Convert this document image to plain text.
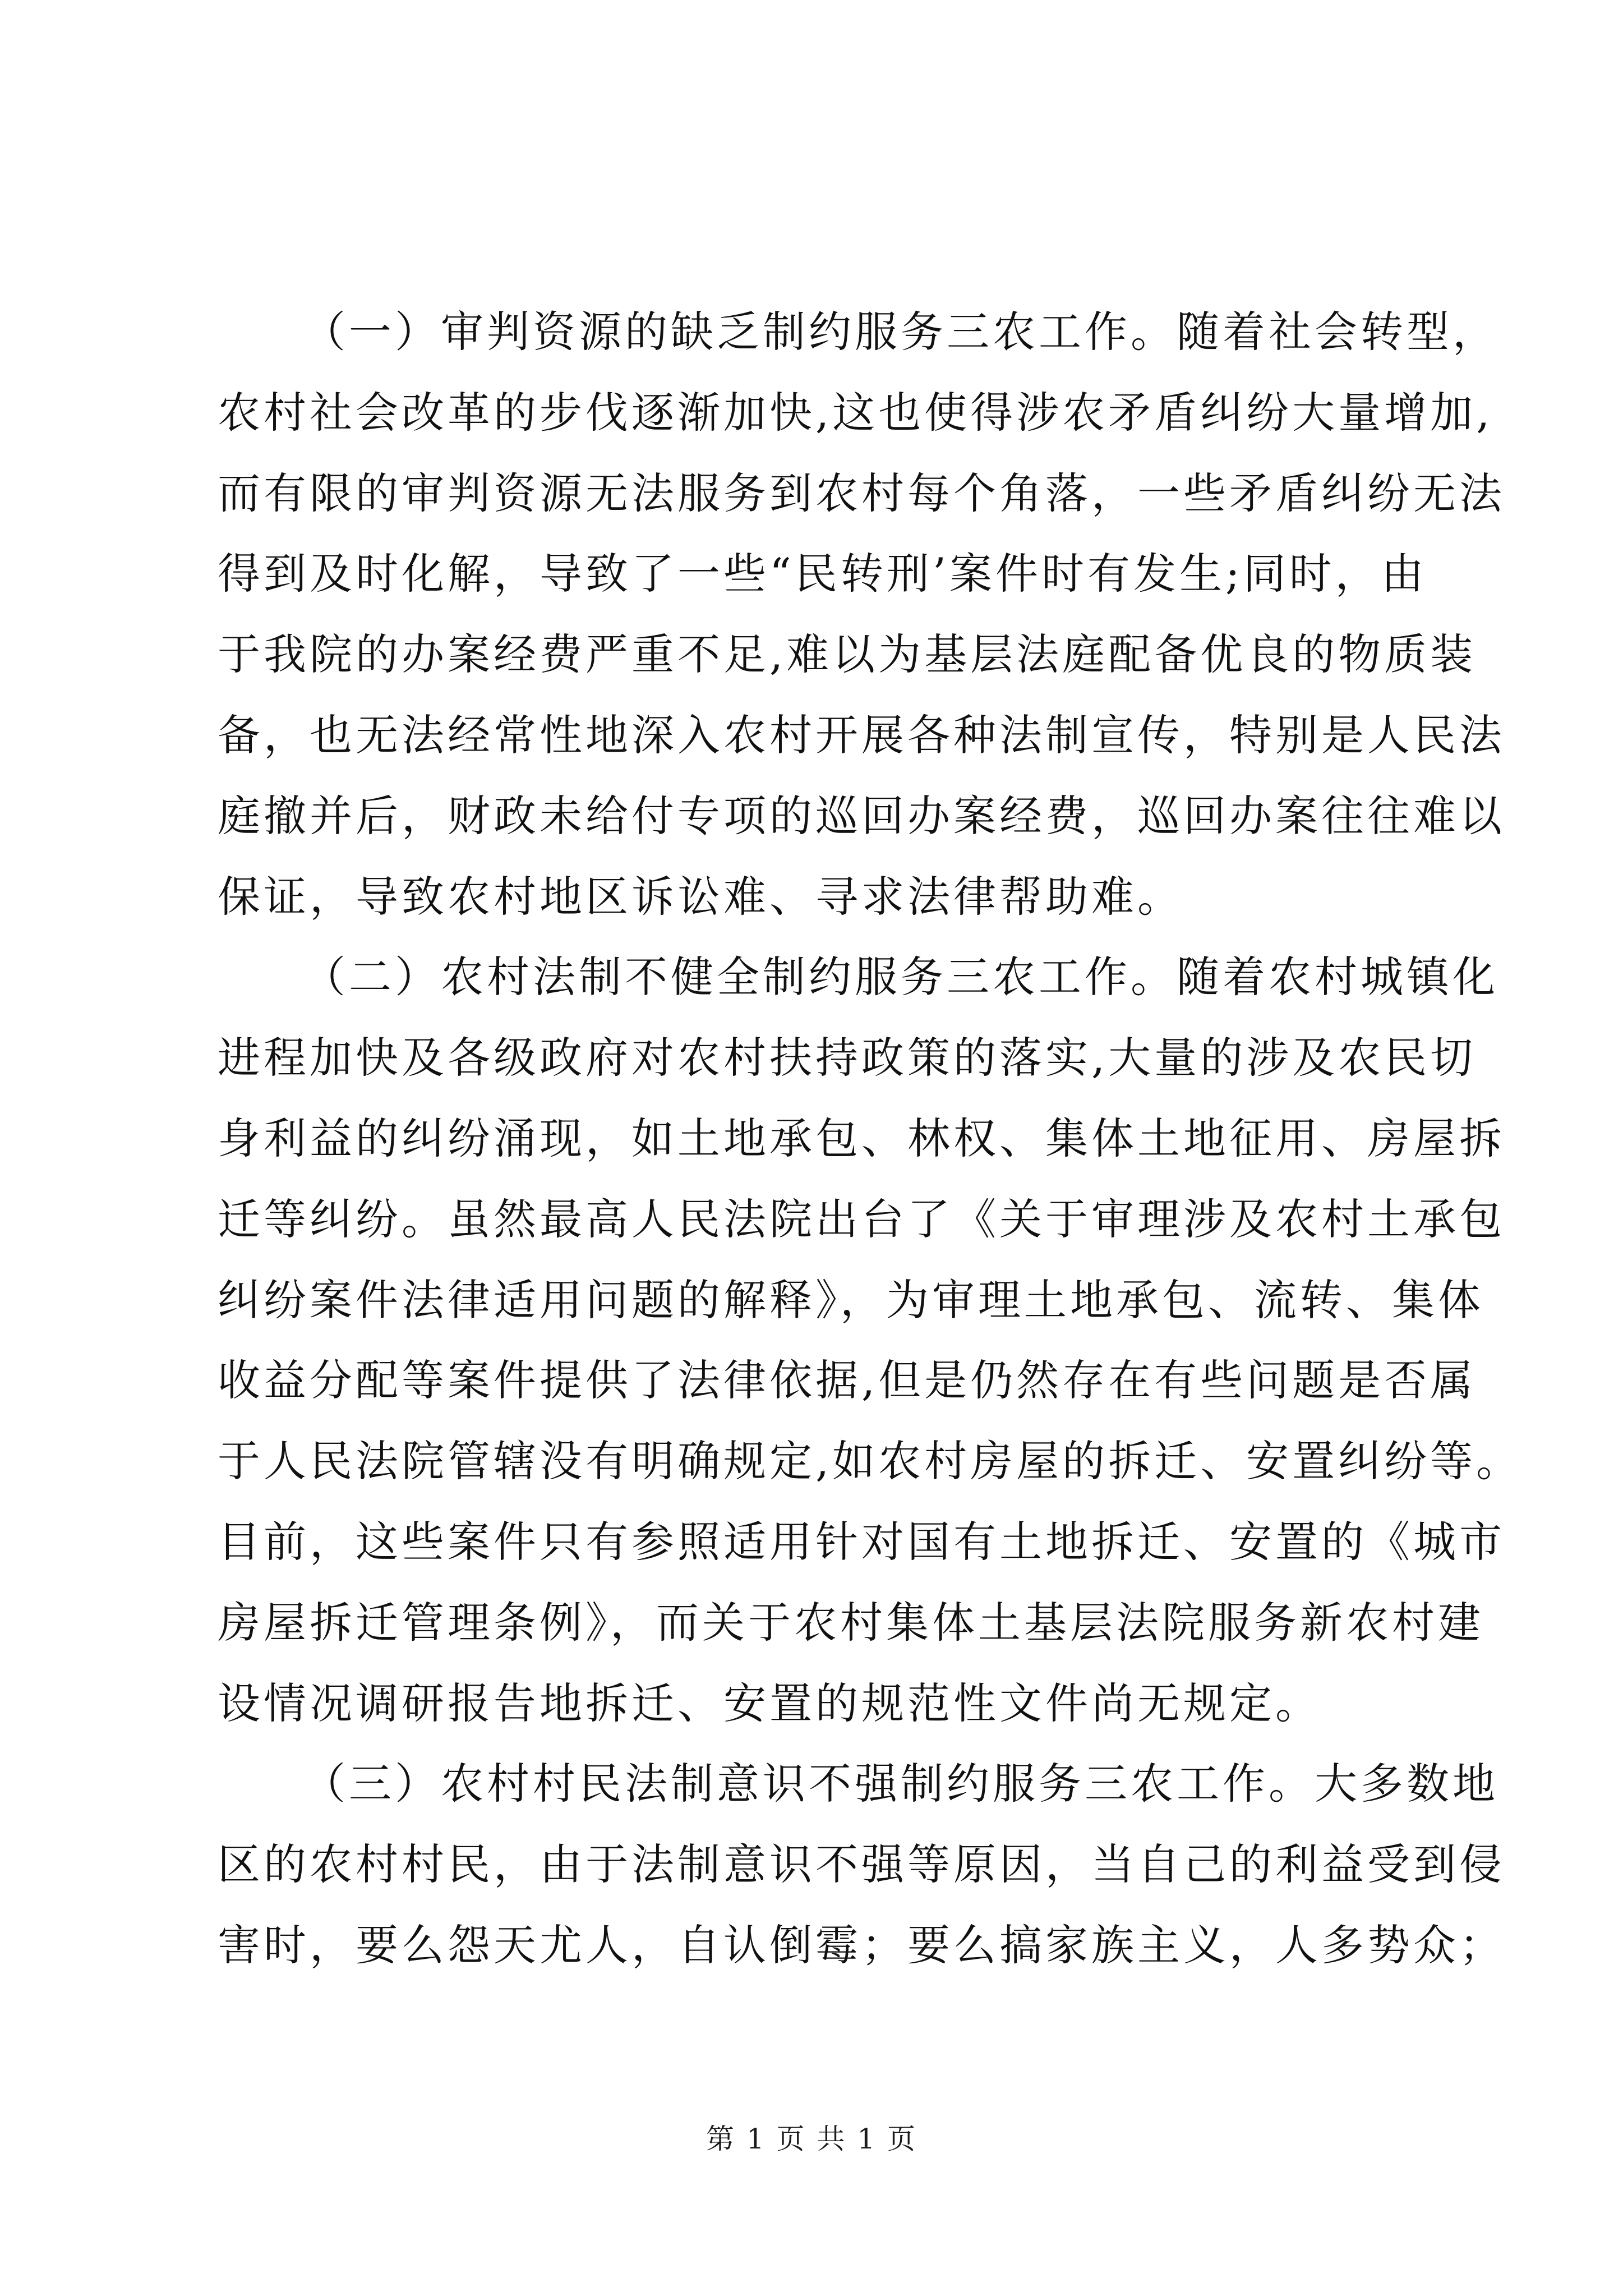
（一）审判资源的缺乏制约服务三农工作。随着社会转型，
农村社会改革的步伐逐渐加快,这也使得涉农矛盾纠纷大量增加,
而有限的审判资源无法服务到农村每个角落，一些矛盾纠纷无法
得到及时化解，导致了一些“民转刑’案件时有发生;同时，由
于我院的办案经费严重不足,难以为基层法庭配备优良的物质装
备，也无法经常性地深入农村开展各种法制宣传，特别是人民法
庭撤并后，财政未给付专项的巡回办案经费，巡回办案往往难以
保证，导致农村地区诉讼难、寻求法律帮助难。
（二）农村法制不健全制约服务三农工作。随着农村城镇化
进程加快及各级政府对农村扶持政策的落实,大量的涉及农民切
身利益的纠纷涌现，如土地承包、林权、集体土地征用、房屋拆
迁等纠纷。虽然最高人民法院出台了《关于审理涉及农村土承包
纠纷案件法律适用问题的解释》，为审理土地承包、流转、集体
收益分配等案件提供了法律依据,但是仍然存在有些问题是否属
于人民法院管辖没有明确规定,如农村房屋的拆迁、安置纠纷等。
目前，这些案件只有参照适用针对国有土地拆迁、安置的《城市
房屋拆迁管理条例》，而关于农村集体土基层法院服务新农村建
设情况调研报告地拆迁、安置的规范性文件尚无规定。
（三）农村村民法制意识不强制约服务三农工作。大多数地
区的农村村民，由于法制意识不强等原因，当自己的利益受到侵
害时，要么怨天尤人，自认倒霉；要么搞家族主义，人多势众；
第 1 页 共 1 页
